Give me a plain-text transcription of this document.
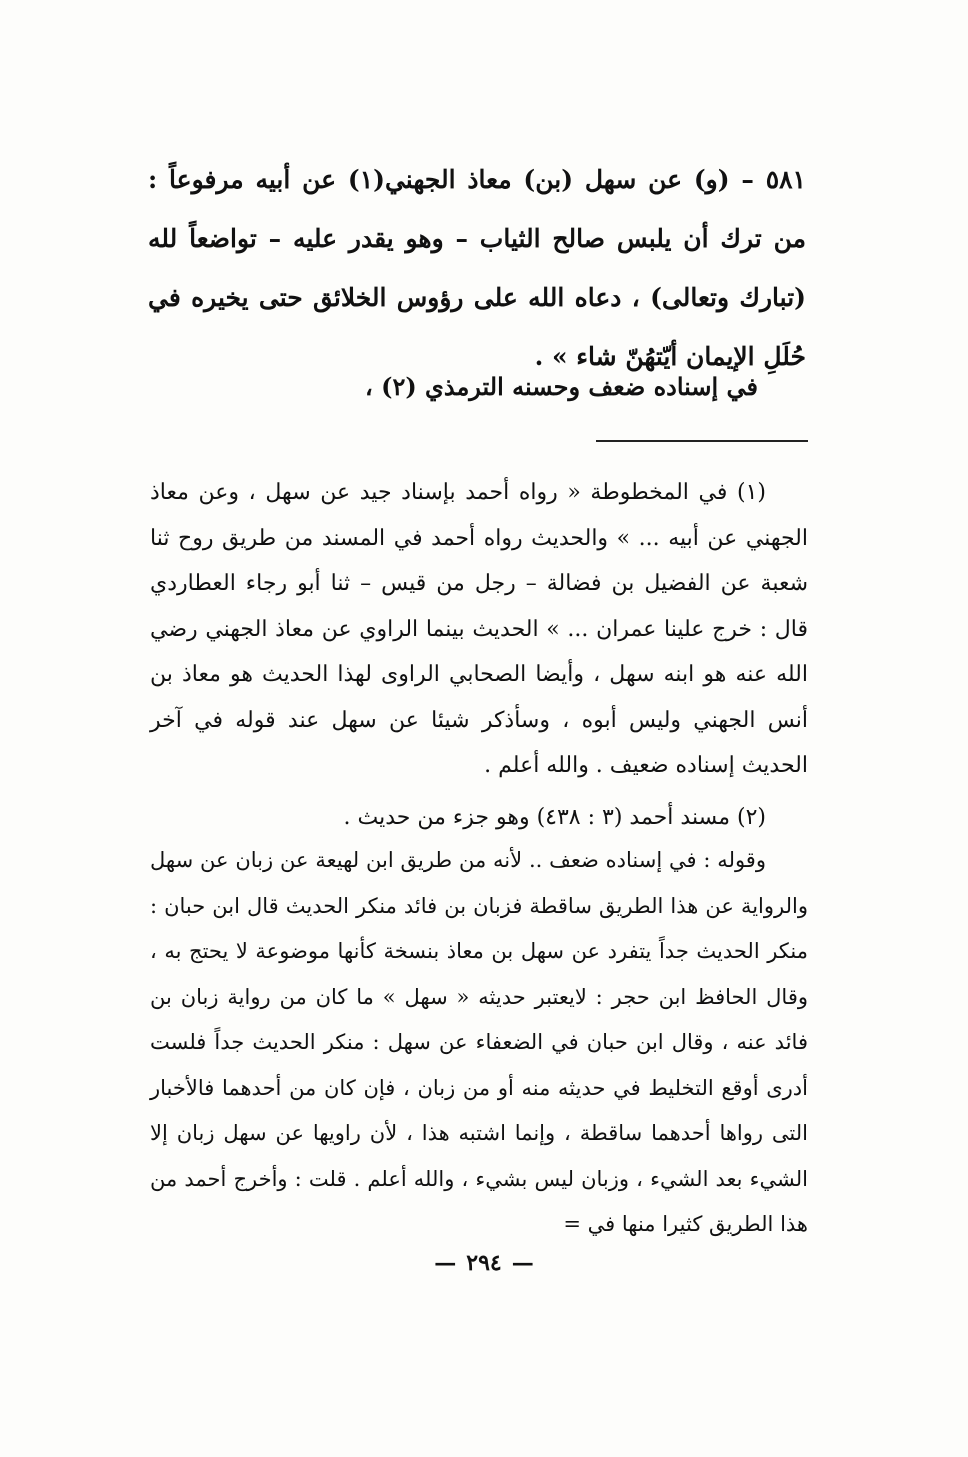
٥٨١ – (و) عن سهل (بن) معاذ الجهني(١) عن أبيه مرفوعاً : من ترك أن يلبس صالح الثياب – وهو يقدر عليه – تواضعاً لله (تبارك وتعالى) ، دعاه الله على رؤوس الخلائق حتى يخيره في حُلَلِ الإيمان أيّتهُنّ شاء » .

في إسناده ضعف وحسنه الترمذي (٢) ،

(١) في المخطوطة « رواه أحمد بإسناد جيد عن سهل ، وعن معاذ الجهني عن أبيه ... » والحديث رواه أحمد في المسند من طريق روح ثنا شعبة عن الفضيل بن فضالة – رجل من قيس – ثنا أبو رجاء العطاردي قال : خرج علينا عمران ... » الحديث بينما الراوي عن معاذ الجهني رضي الله عنه هو ابنه سهل ، وأيضا الصحابي الراوى لهذا الحديث هو معاذ بن أنس الجهني وليس أبوه ، وسأذكر شيئا عن سهل عند قوله في آخر الحديث إسناده ضعيف . والله أعلم .

(٢) مسند أحمد (٣ : ٤٣٨) وهو جزء من حديث .

وقوله : في إسناده ضعف .. لأنه من طريق ابن لهيعة عن زبان عن سهل والرواية عن هذا الطريق ساقطة فزبان بن فائد منكر الحديث قال ابن حبان : منكر الحديث جداً يتفرد عن سهل بن معاذ بنسخة كأنها موضوعة لا يحتج به ، وقال الحافظ ابن حجر : لايعتبر حديثه « سهل » ما كان من رواية زبان بن فائد عنه ، وقال ابن حبان في الضعفاء عن سهل : منكر الحديث جداً فلست أدرى أوقع التخليط في حديثه منه أو من زبان ، فإن كان من أحدهما فالأخبار التى رواها أحدهما ساقطة ، وإنما اشتبه هذا ، لأن راويها عن سهل زبان إلا الشيء بعد الشيء ، وزبان ليس بشيء ، والله أعلم . قلت : وأخرج أحمد من هذا الطريق كثيرا منها في =

—٢٩٤—
